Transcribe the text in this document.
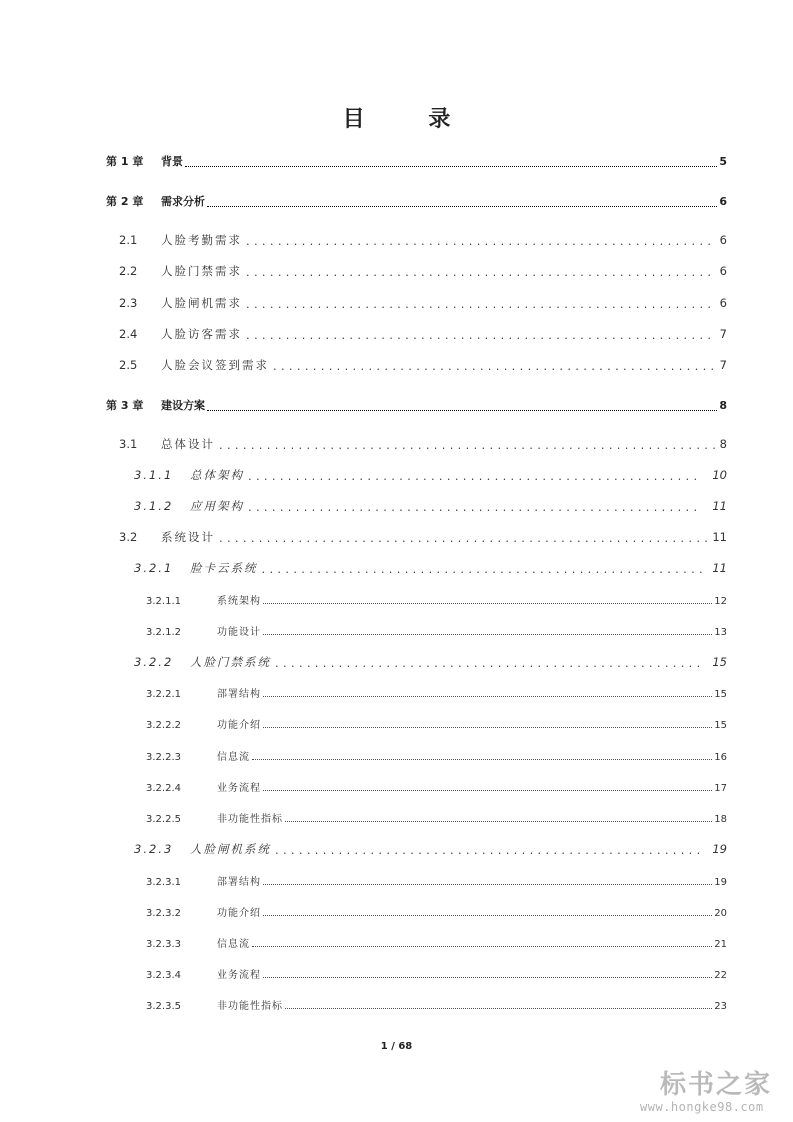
目 录
第 1 章	背景	5
第 2 章	需求分析	6
2.1	人脸考勤需求 .....	6
2.2	人脸门禁需求 .....	6
2.3	人脸闸机需求 .....	6
2.4	人脸访客需求 .....	7
2.5	人脸会议签到需求 .....	7
第 3 章	建设方案	8
3.1	总体设计 .....	8
3.1.1	总体架构 .....	10
3.1.2	应用架构 .....	11
3.2	系统设计 .....	11
3.2.1	脸卡云系统 .....	11
3.2.1.1	系统架构	12
3.2.1.2	功能设计	13
3.2.2	人脸门禁系统 .....	15
3.2.2.1	部署结构	15
3.2.2.2	功能介绍	15
3.2.2.3	信息流	16
3.2.2.4	业务流程	17
3.2.2.5	非功能性指标	18
3.2.3	人脸闸机系统 .....	19
3.2.3.1	部署结构	19
3.2.3.2	功能介绍	20
3.2.3.3	信息流	21
3.2.3.4	业务流程	22
3.2.3.5	非功能性指标	23
1 / 68
标书之家
www.hongke98.com
